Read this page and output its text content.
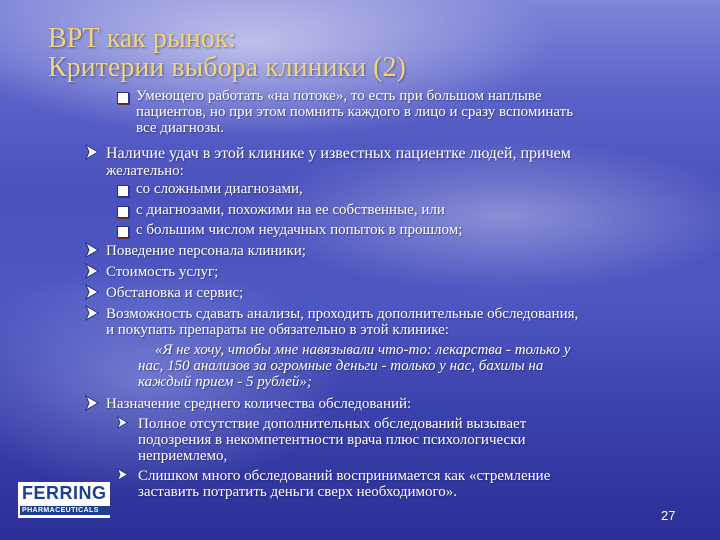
ВРТ как рынок:
Критерии выбора клиники (2)
Умеющего работать «на потоке», то есть при большом наплыве
пациентов, но при этом помнить каждого в лицо и сразу вспоминать
все диагнозы.
Наличие удач в этой клинике у известных пациентке людей, причем
желательно:
со сложными диагнозами,
с диагнозами, похожими на ее собственные, или
с большим числом неудачных попыток в прошлом;
Поведение персонала клиники;
Стоимость услуг;
Обстановка и сервис;
Возможность сдавать анализы, проходить дополнительные обследования,
и покупать препараты не обязательно в этой клинике:
«Я не хочу, чтобы мне навязывали что-то: лекарства - только у
нас, 150 анализов за огромные деньги - только у нас, бахилы на
каждый прием - 5 рублей»;
Назначение среднего количества обследований:
Полное отсутствие дополнительных обследований вызывает
подозрения в некомпетентности врача плюс психологически
неприемлемо,
Слишком много обследований воспринимается как «стремление
заставить потратить деньги сверх необходимого».
FERRING
PHARMACEUTICALS	27
